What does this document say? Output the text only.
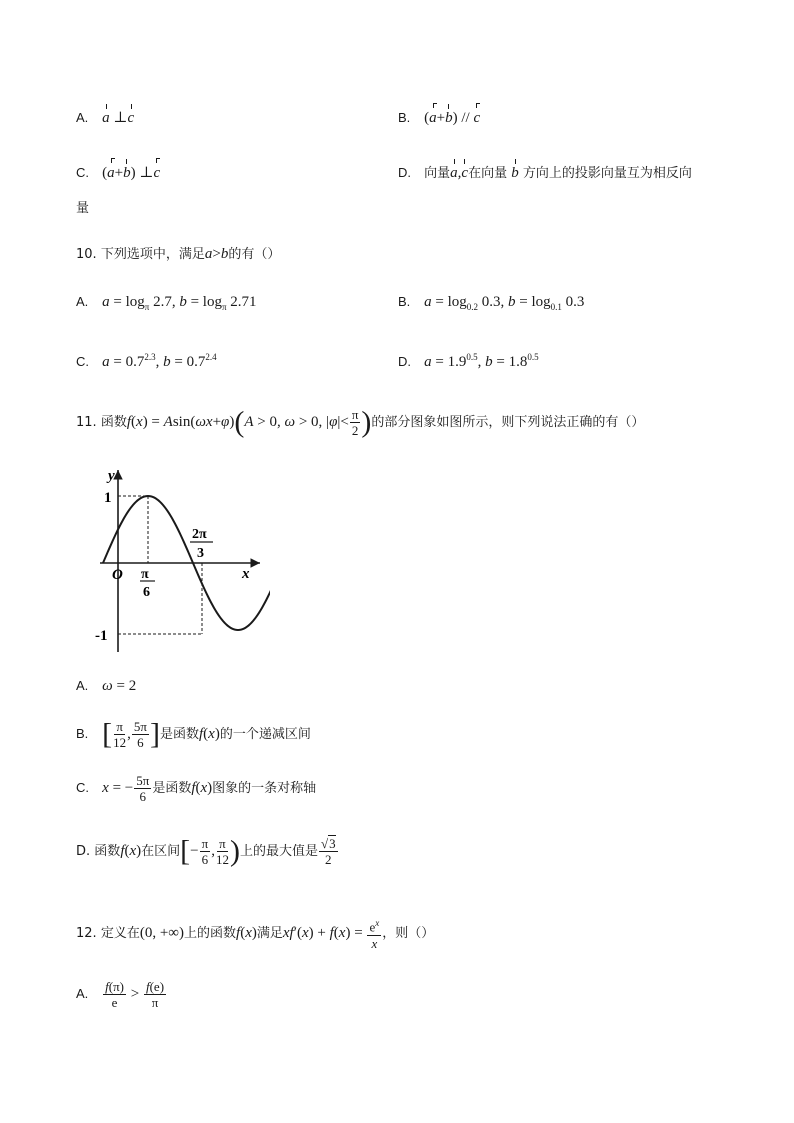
A. a ⊥c	B. (a+b) // c
C. (a+b) ⊥c	D. 向量a,c在向量 b 方向上的投影向量互为相反向
量
10. 下列选项中，满足a>b的有（）
A. $a = \log_\pi 2.7$, $b = \log_\pi 2.71$	B. $a = \log_{0.2} 0.3$, $b = \log_{0.1} 0.3$
C. $a = 0.7^{2.3}$, $b = 0.7^{2.4}$	D. $a = 1.9^{0.5}$, $b = 1.8^{0.5}$
11. 函数f(x) = Asin(ωx+φ)(A > 0, ω > 0, $|\varphi|< \frac{\pi}{2}$ )的部分图象如图所示，则下列说法正确的有（）
y
x
O
1
-1
π
6
2π
3
A. ω = 2
B. [ $\frac{\pi}{12}$ , $\frac{5\pi}{6}$ ]是函数f(x)的一个递减区间
C. x = − $\frac{5\pi}{6}$ 是函数f(x)图象的一条对称轴
D. 函数f(x)在区间[− $\frac{\pi}{6}$ , $\frac{\pi}{12}$ )上的最大值是 $\frac{√3}{2}$
12. 定义在(0, +∞)上的函数f(x)满足$xf'(x) + f(x) = \frac{e^x}{x}$ ，则（）
A. $\frac{f(\pi)}{e} > \frac{f(e)}{\pi}$
